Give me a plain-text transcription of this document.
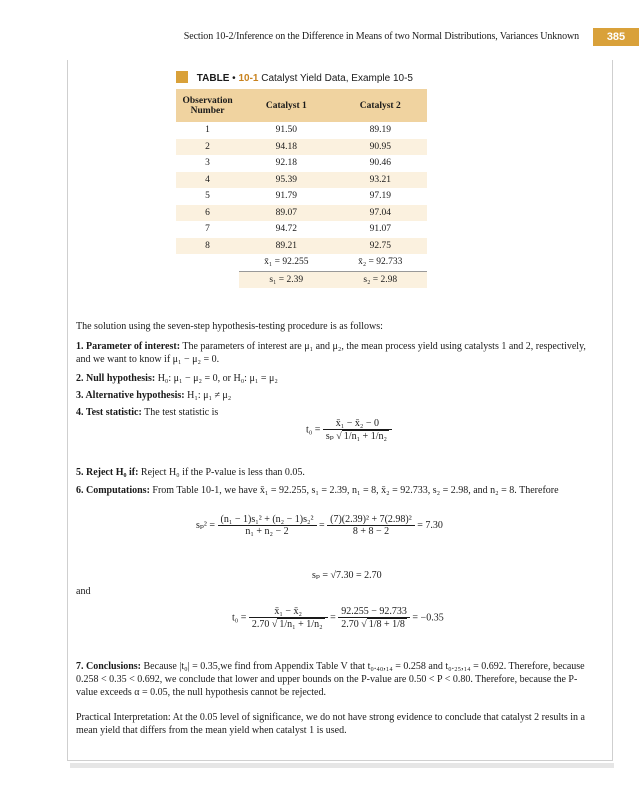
Section 10-2/Inference on the Difference in Means of two Normal Distributions, Variances Unknown	385
TABLE • 10-1 Catalyst Yield Data, Example 10-5
Observation Number	Catalyst 1	Catalyst 2
1	91.50	89.19
2	94.18	90.95
3	92.18	90.46
4	95.39	93.21
5	91.79	97.19
6	89.07	97.04
7	94.72	91.07
8	89.21	92.75
	x̄₁ = 92.255	x̄₂ = 92.733
	s₁ = 2.39	s₂ = 2.98
The solution using the seven-step hypothesis-testing procedure is as follows:
1. Parameter of interest: The parameters of interest are μ₁ and μ₂, the mean process yield using catalysts 1 and 2, respectively, and we want to know if μ₁ − μ₂ = 0.
2. Null hypothesis: H₀: μ₁ − μ₂ = 0, or H₀: μ₁ = μ₂
3. Alternative hypothesis: H₁: μ₁ ≠ μ₂
4. Test statistic: The test statistic is
$t_0 = \frac{\text{x̄₁ − x̄₂ − 0}}{\text{sₚ √ 1/n₁ + 1/n₂}}$
5. Reject H₀ if: Reject H₀ if the P-value is less than 0.05.
6. Computations: From Table 10-1, we have x̄₁ = 92.255, s₁ = 2.39, n₁ = 8, x̄₂ = 92.733, s₂ = 2.98, and n₂ = 8. Therefore
$s_p^2 = \frac{\text{(n₁ − 1)s₁² + (n₂ − 1)s₂²}}{\text{n₁ + n₂ − 2}} = \frac{\text{(7)(2.39)² + 7(2.98)²}}{8 + 8 - 2} = 7.30$
sₚ = √7.30 = 2.70
and
$t_0 = \frac{\text{x̄₁ − x̄₂}}{\text{2.70 √ 1/n₁ + 1/n₂}} = \frac{92.255 - 92.733}{2.70 √ 1/8 + 1/8} = -0.35$
7. Conclusions: Because |t₀| = 0.35,we find from Appendix Table V that t₀.₄₀,₁₄ = 0.258 and t₀.₂₅,₁₄ = 0.692. Therefore, because 0.258 < 0.35 < 0.692, we conclude that lower and upper bounds on the P-value are 0.50 < P < 0.80. Therefore, because the P-value exceeds α = 0.05, the null hypothesis cannot be rejected.
Practical Interpretation: At the 0.05 level of significance, we do not have strong evidence to conclude that catalyst 2 results in a mean yield that differs from the mean yield when catalyst 1 is used.
